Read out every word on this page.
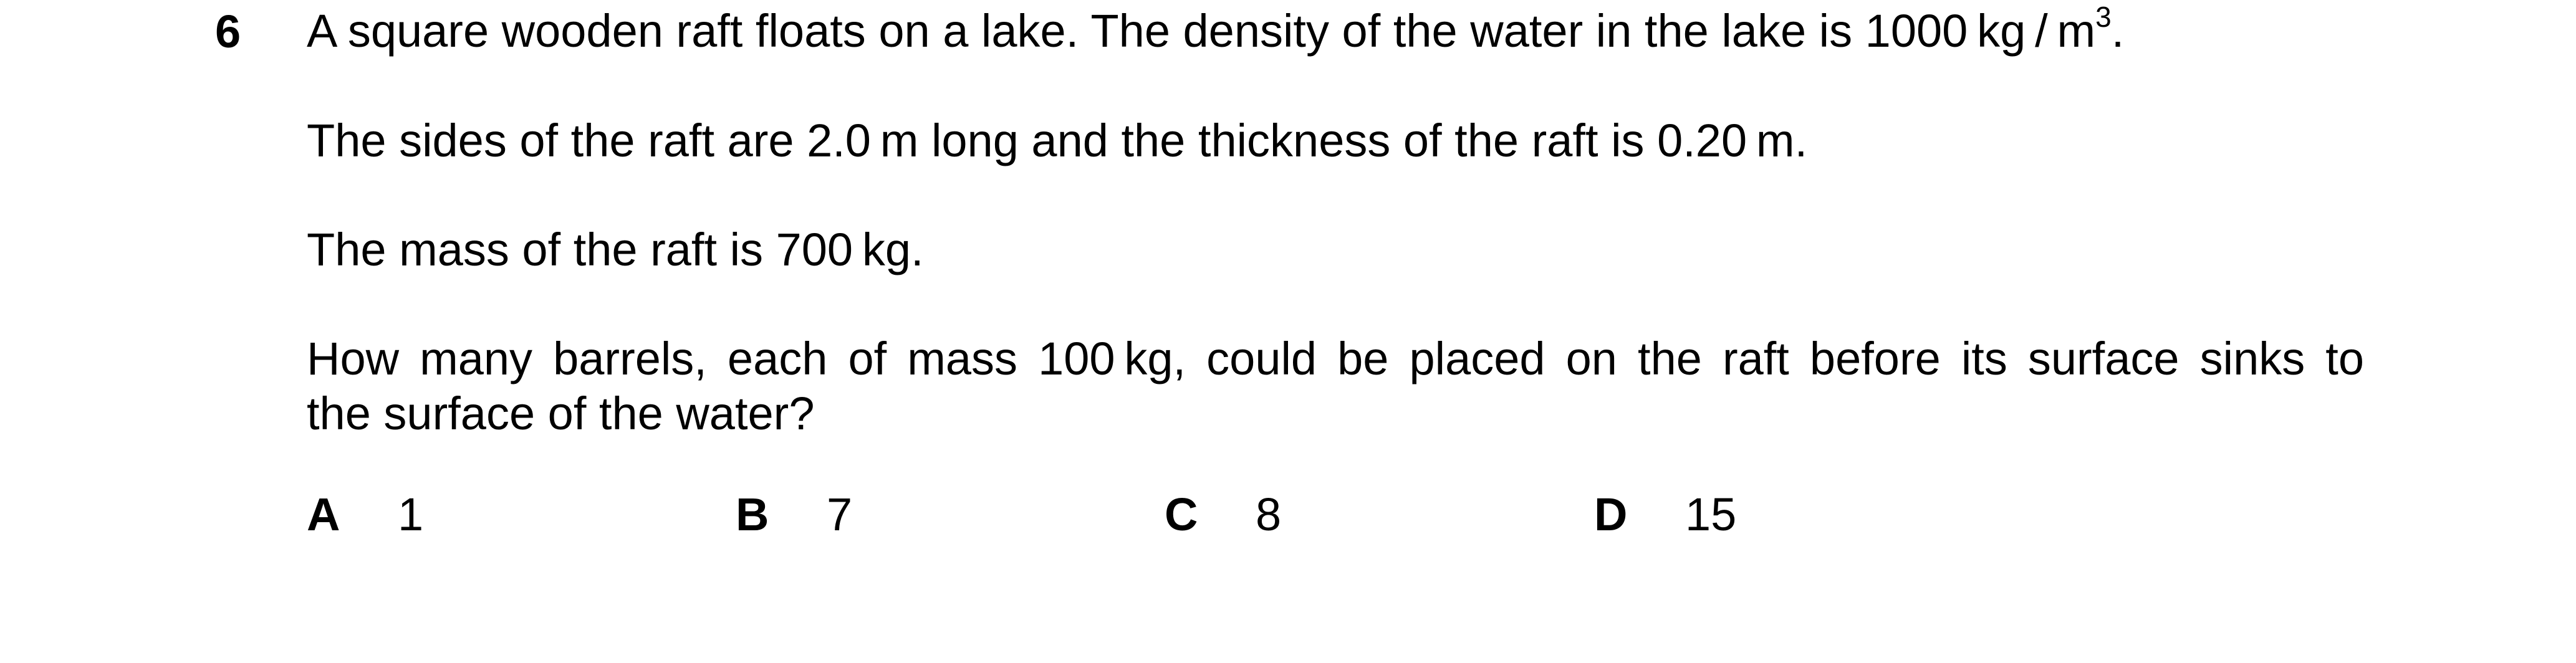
6 A square wooden raft floats on a lake. The density of the water in the lake is 1000 kg / $m^3$.
The sides of the raft are 2.0 m long and the thickness of the raft is 0.20 m.
The mass of the raft is 700 kg.
How many barrels, each of mass 100 kg, could be placed on the raft before its surface sinks to
the surface of the water?
A 1	B 7	C 8	D 15
